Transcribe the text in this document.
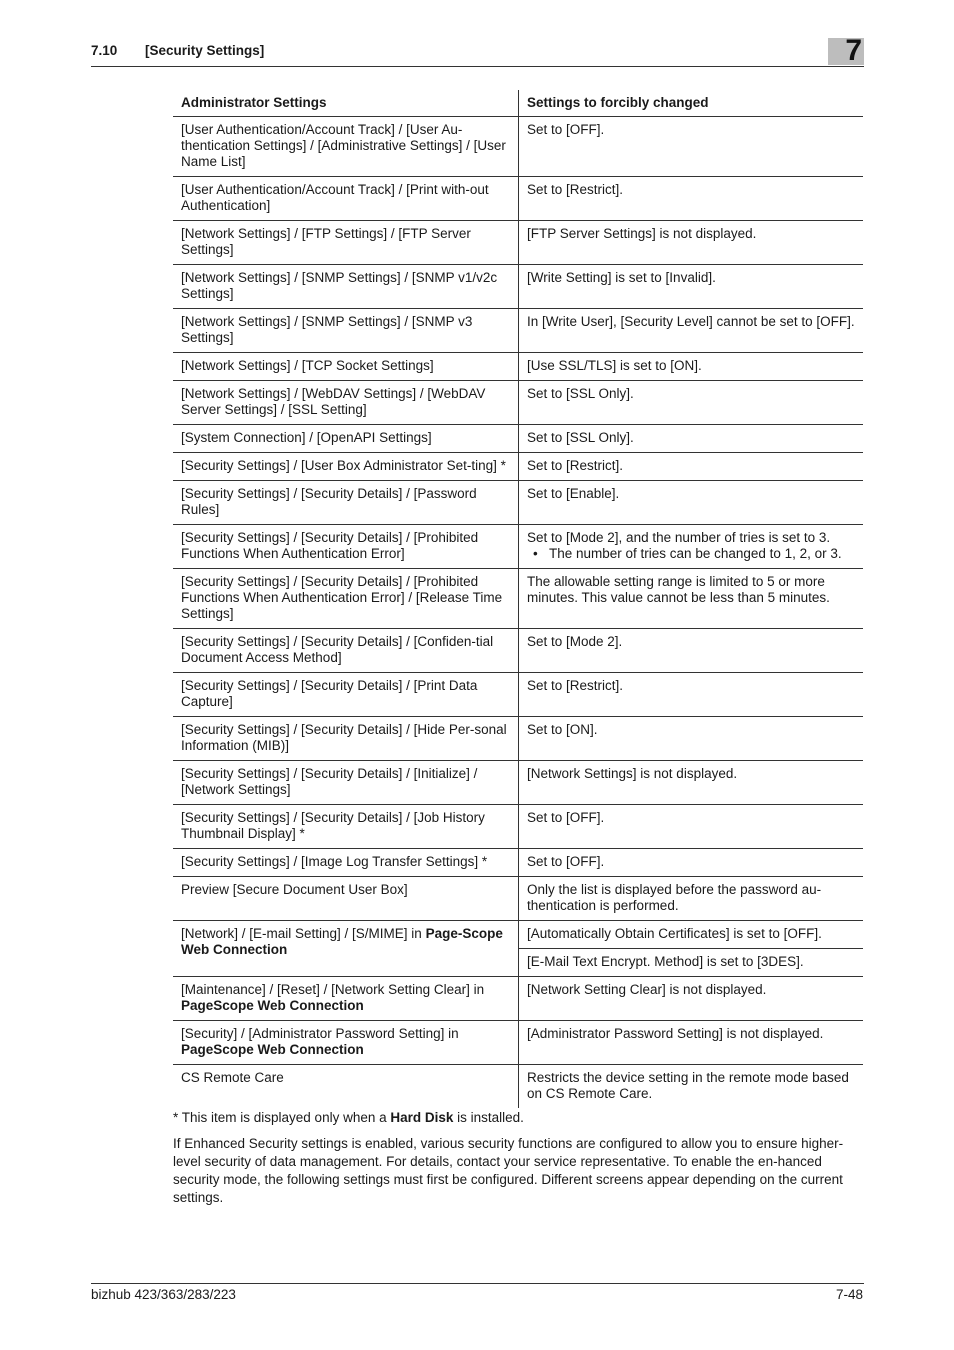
7.10 [Security Settings]	7
Administrator Settings	Settings to forcibly changed
[User Authentication/Account Track] / [User Au-thentication Settings] / [Administrative Settings] / [User Name List]	Set to [OFF].

[User Authentication/Account Track] / [Print with-out Authentication]	Set to [Restrict].

[Network Settings] / [FTP Settings] / [FTP Server Settings]	[FTP Server Settings] is not displayed.

[Network Settings] / [SNMP Settings] / [SNMP v1/v2c Settings]	[Write Setting] is set to [Invalid].

[Network Settings] / [SNMP Settings] / [SNMP v3 Settings]	In [Write User], [Security Level] cannot be set to [OFF].

[Network Settings] / [TCP Socket Settings]	[Use SSL/TLS] is set to [ON].

[Network Settings] / [WebDAV Settings] / [WebDAV Server Settings] / [SSL Setting]	Set to [SSL Only].

[System Connection] / [OpenAPI Settings]	Set to [SSL Only].

[Security Settings] / [User Box Administrator Set-ting] *	Set to [Restrict].

[Security Settings] / [Security Details] / [Password Rules]	Set to [Enable].

[Security Settings] / [Security Details] / [Prohibited Functions When Authentication Error]	Set to [Mode 2], and the number of tries is set to 3.
• The number of tries can be changed to 1, 2, or 3.

[Security Settings] / [Security Details] / [Prohibited Functions When Authentication Error] / [Release Time Settings]	The allowable setting range is limited to 5 or more minutes. This value cannot be less than 5 minutes.

[Security Settings] / [Security Details] / [Confiden-tial Document Access Method]	Set to [Mode 2].

[Security Settings] / [Security Details] / [Print Data Capture]	Set to [Restrict].

[Security Settings] / [Security Details] / [Hide Per-sonal Information (MIB)]	Set to [ON].

[Security Settings] / [Security Details] / [Initialize] / [Network Settings]	[Network Settings] is not displayed.

[Security Settings] / [Security Details] / [Job History Thumbnail Display] *	Set to [OFF].

[Security Settings] / [Image Log Transfer Settings] *	Set to [OFF].

Preview [Secure Document User Box]	Only the list is displayed before the password au-thentication is performed.

[Network] / [E-mail Setting] / [S/MIME] in Page-Scope Web Connection	[Automatically Obtain Certificates] is set to [OFF].
	[E-Mail Text Encrypt. Method] is set to [3DES].
[Maintenance] / [Reset] / [Network Setting Clear] in
PageScope Web Connection	[Network Setting Clear] is not displayed.
[Security] / [Administrator Password Setting] in
PageScope Web Connection	[Administrator Password Setting] is not displayed.
CS Remote Care	Restricts the device setting in the remote mode based on CS Remote Care.
* This item is displayed only when a Hard Disk is installed.
If Enhanced Security settings is enabled, various security functions are configured to allow you to ensure higher-level security of data management. For details, contact your service representative. To enable the en-hanced security mode, the following settings must first be configured. Different screens appear depending on the current settings.
bizhub 423/363/283/223	7-48
